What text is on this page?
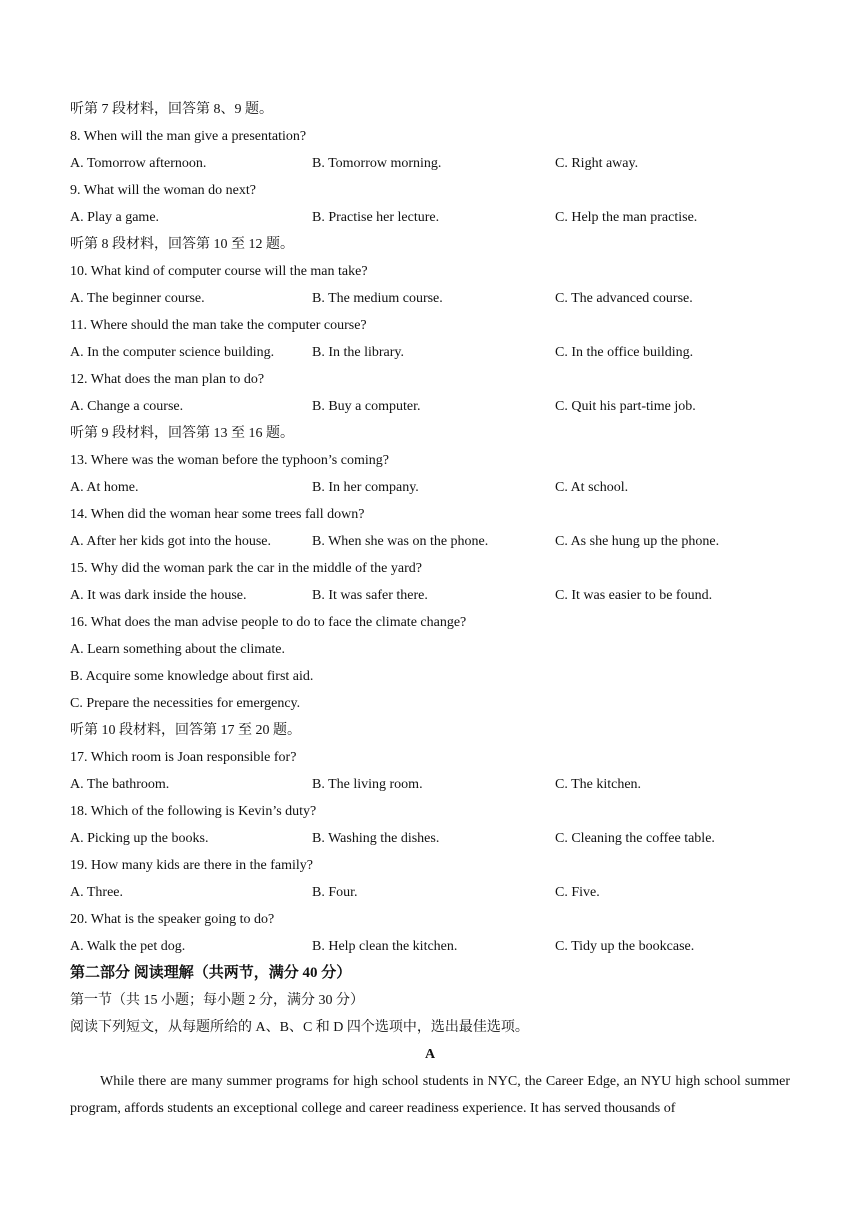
听第 7 段材料，回答第 8、9 题。
8. When will the man give a presentation?
A. Tomorrow afternoon.	B. Tomorrow morning.	C. Right away.
9. What will the woman do next?
A. Play a game.	B. Practise her lecture.	C. Help the man practise.
听第 8 段材料，回答第 10 至 12 题。
10. What kind of computer course will the man take?
A. The beginner course.	B. The medium course.	C. The advanced course.
11. Where should the man take the computer course?
A. In the computer science building.	B. In the library.	C. In the office building.
12. What does the man plan to do?
A. Change a course.	B. Buy a computer.	C. Quit his part-time job.
听第 9 段材料，回答第 13 至 16 题。
13. Where was the woman before the typhoon’s coming?
A. At home.	B. In her company.	C. At school.
14. When did the woman hear some trees fall down?
A. After her kids got into the house.	B. When she was on the phone.	C. As she hung up the phone.
15. Why did the woman park the car in the middle of the yard?
A. It was dark inside the house.	B. It was safer there.	C. It was easier to be found.
16. What does the man advise people to do to face the climate change?
A. Learn something about the climate.
B. Acquire some knowledge about first aid.
C. Prepare the necessities for emergency.
听第 10 段材料，回答第 17 至 20 题。
17. Which room is Joan responsible for?
A. The bathroom.	B. The living room.	C. The kitchen.
18. Which of the following is Kevin’s duty?
A. Picking up the books.	B. Washing the dishes.	C. Cleaning the coffee table.
19. How many kids are there in the family?
A. Three.	B. Four.	C. Five.
20. What is the speaker going to do?
A. Walk the pet dog.	B. Help clean the kitchen.	C. Tidy up the bookcase.
第二部分 阅读理解（共两节，满分 40 分）
第一节（共 15 小题；每小题 2 分，满分 30 分）
阅读下列短文，从每题所给的 A、B、C 和 D 四个选项中，选出最佳选项。
A
While there are many summer programs for high school students in NYC, the Career Edge, an NYU high school summer program, affords students an exceptional college and career readiness experience. It has served thousands of
